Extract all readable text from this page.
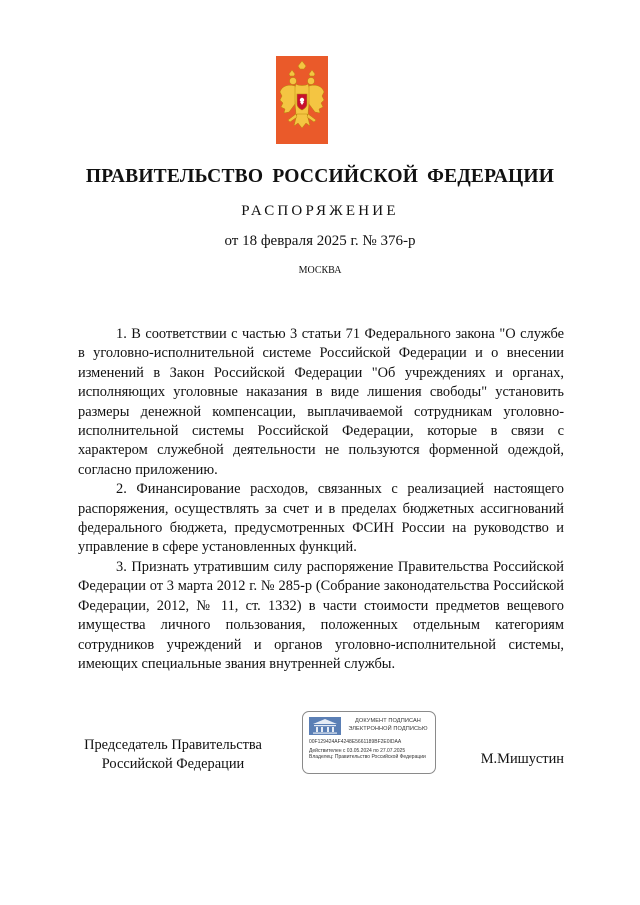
ПРАВИТЕЛЬСТВО РОССИЙСКОЙ ФЕДЕРАЦИИ
РАСПОРЯЖЕНИЕ
от 18 февраля 2025 г. № 376-р
МОСКВА

1. В соответствии с частью 3 статьи 71 Федерального закона "О службе в уголовно-исполнительной системе Российской Федерации и о внесении изменений в Закон Российской Федерации "Об учреждениях и органах, исполняющих уголовные наказания в виде лишения свободы" установить размеры денежной компенсации, выплачиваемой сотрудникам уголовно-исполнительной системы Российской Федерации, которые в связи с характером служебной деятельности не пользуются форменной одеждой, согласно приложению.

2. Финансирование расходов, связанных с реализацией настоящего распоряжения, осуществлять за счет и в пределах бюджетных ассигнований федерального бюджета, предусмотренных ФСИН России на руководство и управление в сфере установленных функций.

3. Признать утратившим силу распоряжение Правительства Российской Федерации от 3 марта 2012 г. № 285-р (Собрание законодательства Российской Федерации, 2012, № 11, ст. 1332) в части стоимости предметов вещевого имущества личного пользования, положенных отдельным категориям сотрудников учреждений и органов уголовно-исполнительной системы, имеющих специальные звания внутренней службы.

Председатель Правительства
Российской Федерации
ДОКУМЕНТ ПОДПИСАН
ЭЛЕКТРОННОЙ ПОДПИСЬЮ
00F129424AF4248E5661189BF2E0IDAA
Действителен с 03.05.2024 по 27.07.2025
Владелец: Правительство Российской Федерации	М.Мишустин
